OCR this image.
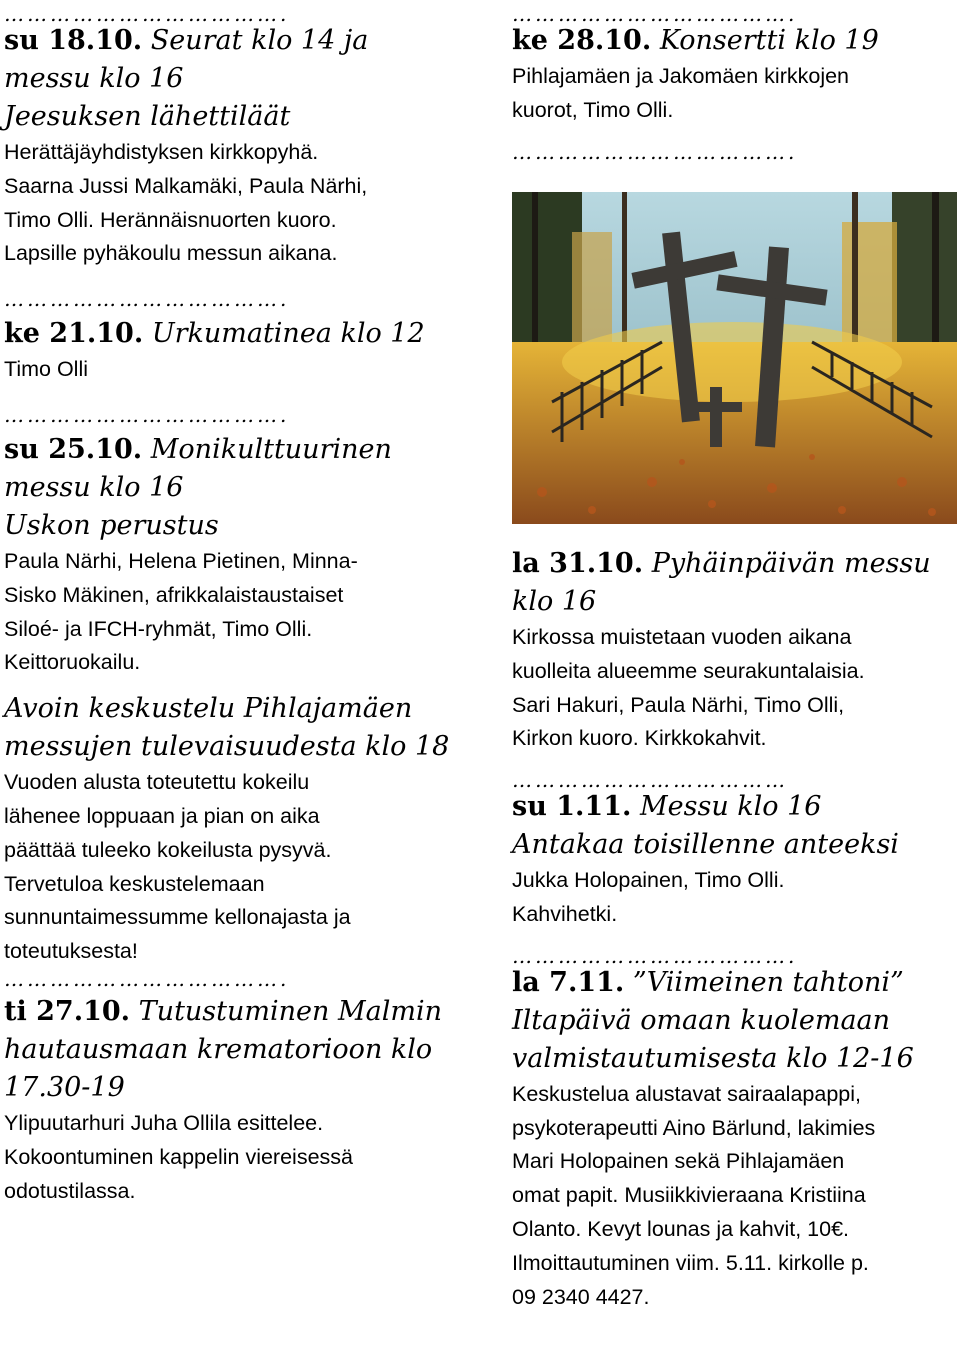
……………………………….

su 18.10. Seurat klo 14 ja messu klo 16

Jeesuksen lähettiläät

Herättäjäyhdistyksen kirkkopyhä.

Saarna Jussi Malkamäki, Paula Närhi,

Timo Olli. Herännäisnuorten kuoro.

Lapsille pyhäkoulu messun aikana.

……………………………….

ke 21.10. Urkumatinea klo 12

Timo Olli

……………………………….

su 25.10. Monikulttuurinen messu klo 16

Uskon perustus

Paula Närhi, Helena Pietinen, Minna-

Sisko Mäkinen, afrikkalaistaustaiset

Siloé- ja IFCH-ryhmät, Timo Olli.

Keittoruokailu.

Avoin keskustelu Pihlajamäen

messujen tulevaisuudesta klo 18

Vuoden alusta toteutettu kokeilu

lähenee loppuaan ja pian on aika

päättää tuleeko kokeilusta pysyvä.

Tervetuloa keskustelemaan

sunnuntaimessumme kellonajasta ja

toteutuksesta!

……………………………….

ti 27.10. Tutustuminen Malmin hautausmaan krematorioon klo 17.30-19

Ylipuutarhuri Juha Ollila esittelee.

Kokoontuminen kappelin viereisessä

odotustilassa.

……………………………….

ke 28.10. Konsertti klo 19

Pihlajamäen ja Jakomäen kirkkojen

kuorot, Timo Olli.

……………………………….

la 31.10. Pyhäinpäivän messu klo 16

Kirkossa muistetaan vuoden aikana

kuolleita alueemme seurakuntalaisia.

Sari Hakuri, Paula Närhi, Timo Olli,

Kirkon kuoro. Kirkkokahvit.

………………………………

su 1.11. Messu klo 16

Antakaa toisillenne anteeksi

Jukka Holopainen, Timo Olli.

Kahvihetki.

……………………………….

la 7.11. ”Viimeinen tahtoni”

Iltapäivä omaan kuolemaan

valmistautumisesta klo 12-16

Keskustelua alustavat sairaalapappi,

psykoterapeutti Aino Bärlund, lakimies

Mari Holopainen sekä Pihlajamäen

omat papit. Musiikkivieraana Kristiina

Olanto. Kevyt lounas ja kahvit, 10€.

Ilmoittautuminen viim. 5.11. kirkolle p.

09 2340 4427.
